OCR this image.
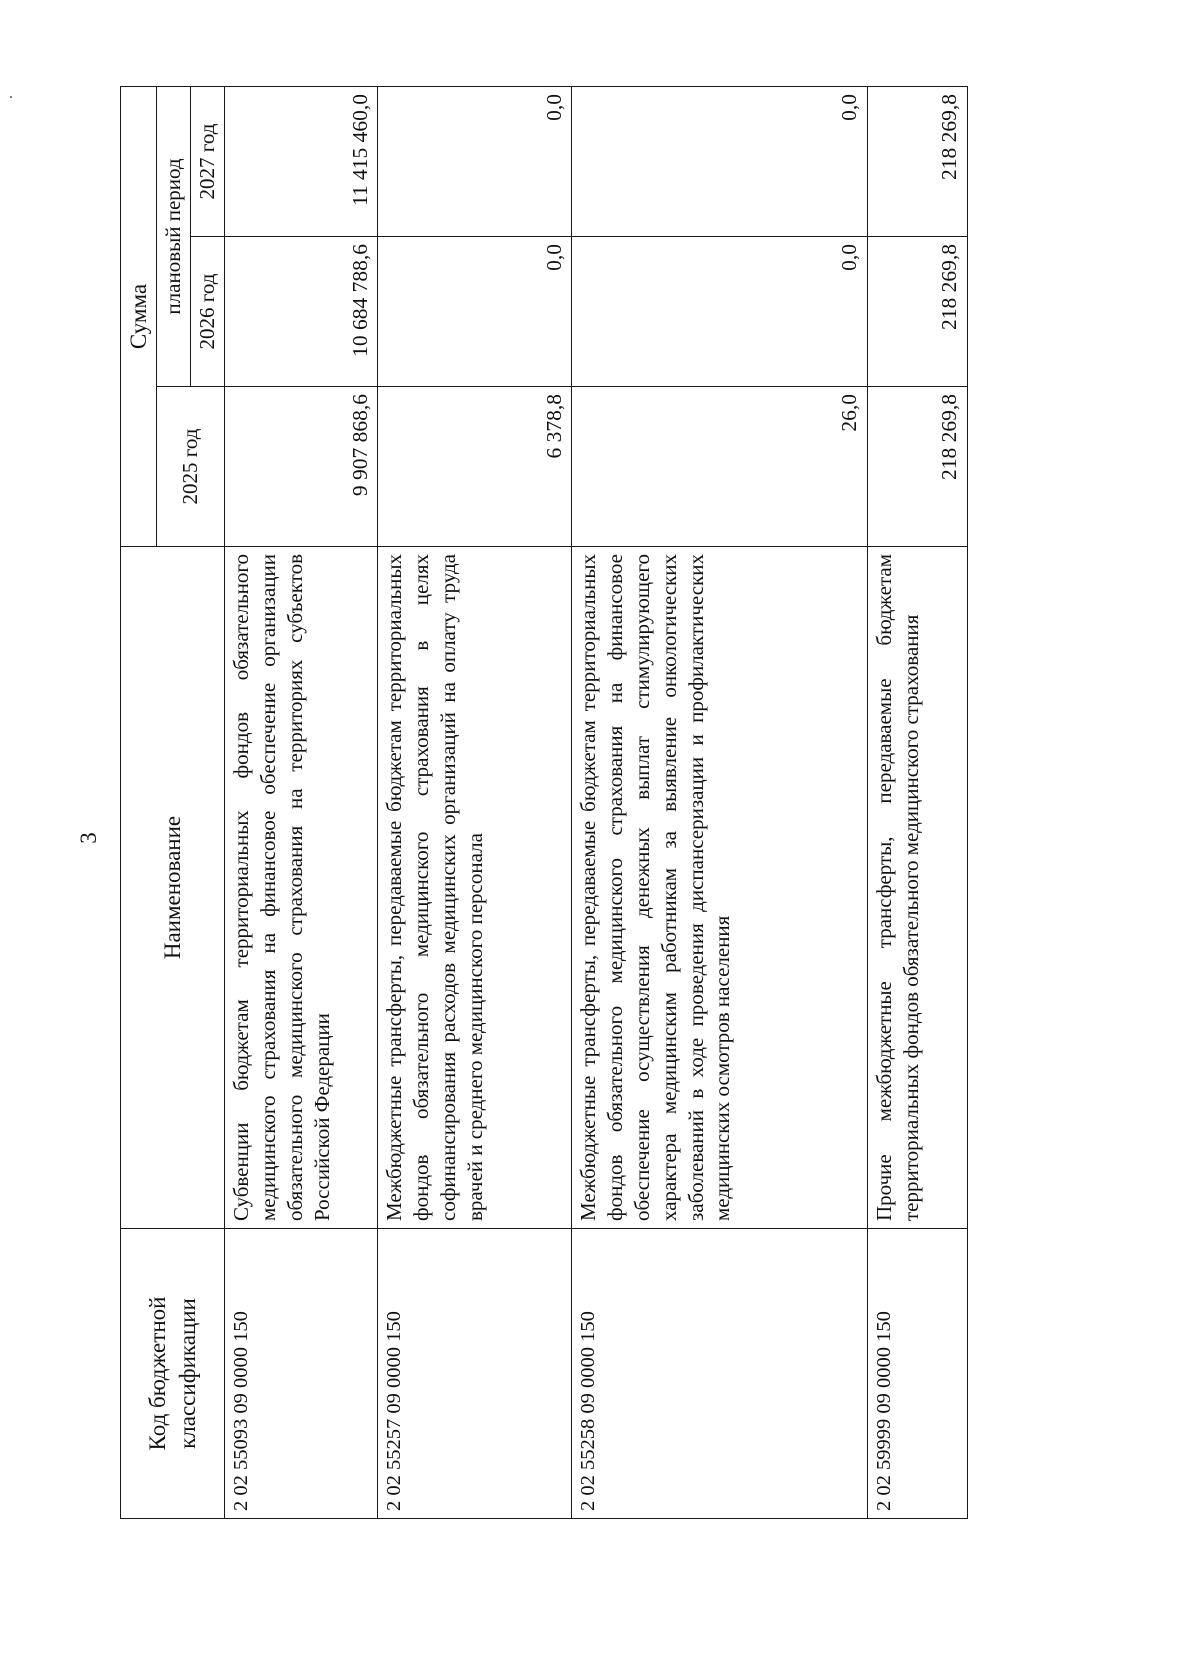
3
Код бюджетной классификации	Наименование	Сумма		
		2025 год	плановый период	
			2026 год	2027 год
2 02 55093 09 0000 150	Субвенции бюджетам территориальных фондов обязательного медицинского страхования на финансовое обеспечение организации обязательного медицинского страхования на территориях субъектов Российской Федерации	9 907 868,6	10 684 788,6	11 415 460,0
2 02 55257 09 0000 150	Межбюджетные трансферты, передаваемые бюджетам территориальных фондов обязательного медицинского страхования в целях софинансирования расходов медицинских организаций на оплату труда врачей и среднего медицинского персонала	6 378,8	0,0	0,0
2 02 55258 09 0000 150	Межбюджетные трансферты, передаваемые бюджетам территориальных фондов обязательного медицинского страхования на финансовое обеспечение осуществления денежных выплат стимулирующего характера медицинским работникам за выявление онкологических заболеваний в ходе проведения диспансеризации и профилактических медицинских осмотров населения	26,0	0,0	0,0
2 02 59999 09 0000 150	Прочие межбюджетные трансферты, передаваемые бюджетам территориальных фондов обязательного медицинского страхования	218 269,8	218 269,8	218 269,8
